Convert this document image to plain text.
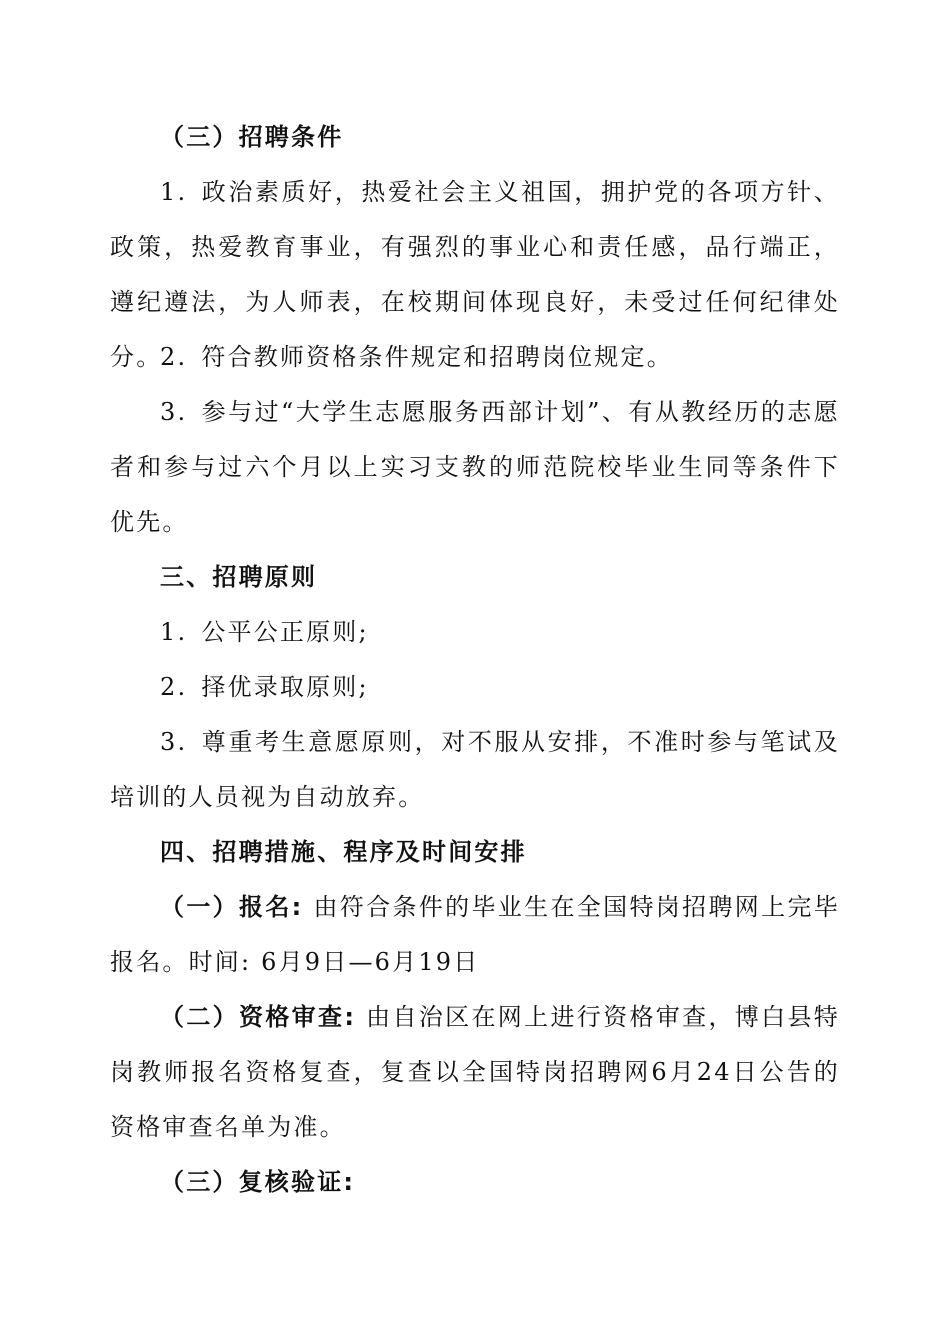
（三）招聘条件

1. 政治素质好，热爱社会主义祖国，拥护党的各项方针、政策，热爱教育事业，有强烈的事业心和责任感，品行端正，遵纪遵法，为人师表，在校期间体现良好，未受过任何纪律处分。

2. 符合教师资格条件规定和招聘岗位规定。

3. 参与过“大学生志愿服务西部计划”、有从教经历的志愿者和参与过六个月以上实习支教的师范院校毕业生同等条件下优先。

三、招聘原则

1. 公平公正原则;

2. 择优录取原则;

3. 尊重考生意愿原则，对不服从安排，不准时参与笔试及培训的人员视为自动放弃。

四、招聘措施、程序及时间安排

（一）报名: 由符合条件的毕业生在全国特岗招聘网上完毕报名。时间: 6月9日—6月19日

（二）资格审查: 由自治区在网上进行资格审查，博白县特岗教师报名资格复查，复查以全国特岗招聘网6月24日公告的资格审查名单为准。

（三）复核验证:
